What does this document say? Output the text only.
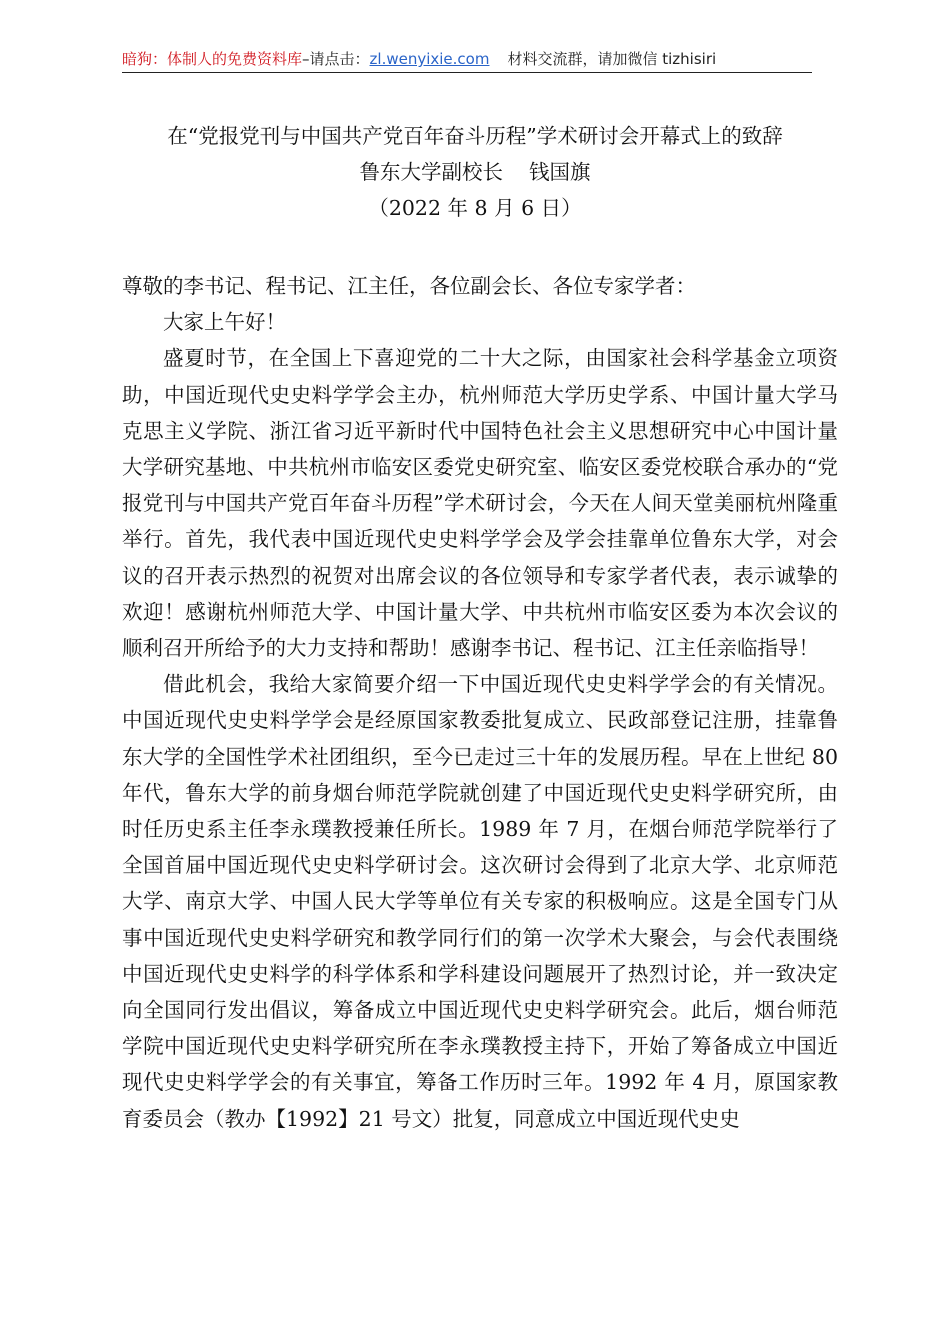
暗狗：体制人的免费资料库–请点击：zl.wenyixie.com 材料交流群，请加微信 tizhisiri
在“党报党刊与中国共产党百年奋斗历程”学术研讨会开幕式上的致辞
鲁东大学副校长 钱国旗
（2022 年 8 月 6 日）

尊敬的李书记、程书记、江主任，各位副会长、各位专家学者：

大家上午好！

盛夏时节，在全国上下喜迎党的二十大之际，由国家社会科学基金立项资助，中国近现代史史料学学会主办，杭州师范大学历史学系、中国计量大学马克思主义学院、浙江省习近平新时代中国特色社会主义思想研究中心中国计量大学研究基地、中共杭州市临安区委党史研究室、临安区委党校联合承办的“党报党刊与中国共产党百年奋斗历程”学术研讨会，今天在人间天堂美丽杭州隆重举行。首先，我代表中国近现代史史料学学会及学会挂靠单位鲁东大学，对会议的召开表示热烈的祝贺对出席会议的各位领导和专家学者代表，表示诚挚的欢迎！感谢杭州师范大学、中国计量大学、中共杭州市临安区委为本次会议的顺利召开所给予的大力支持和帮助！感谢李书记、程书记、江主任亲临指导！

借此机会，我给大家简要介绍一下中国近现代史史料学学会的有关情况。中国近现代史史料学学会是经原国家教委批复成立、民政部登记注册，挂靠鲁东大学的全国性学术社团组织，至今已走过三十年的发展历程。早在上世纪 80 年代，鲁东大学的前身烟台师范学院就创建了中国近现代史史料学研究所，由时任历史系主任李永璞教授兼任所长。1989 年 7 月，在烟台师范学院举行了全国首届中国近现代史史料学研讨会。这次研讨会得到了北京大学、北京师范大学、南京大学、中国人民大学等单位有关专家的积极响应。这是全国专门从事中国近现代史史料学研究和教学同行们的第一次学术大聚会，与会代表围绕中国近现代史史料学的科学体系和学科建设问题展开了热烈讨论，并一致决定向全国同行发出倡议，筹备成立中国近现代史史料学研究会。此后，烟台师范学院中国近现代史史料学研究所在李永璞教授主持下，开始了筹备成立中国近现代史史料学学会的有关事宜，筹备工作历时三年。1992 年 4 月，原国家教育委员会（教办【1992】21 号文）批复，同意成立中国近现代史史
